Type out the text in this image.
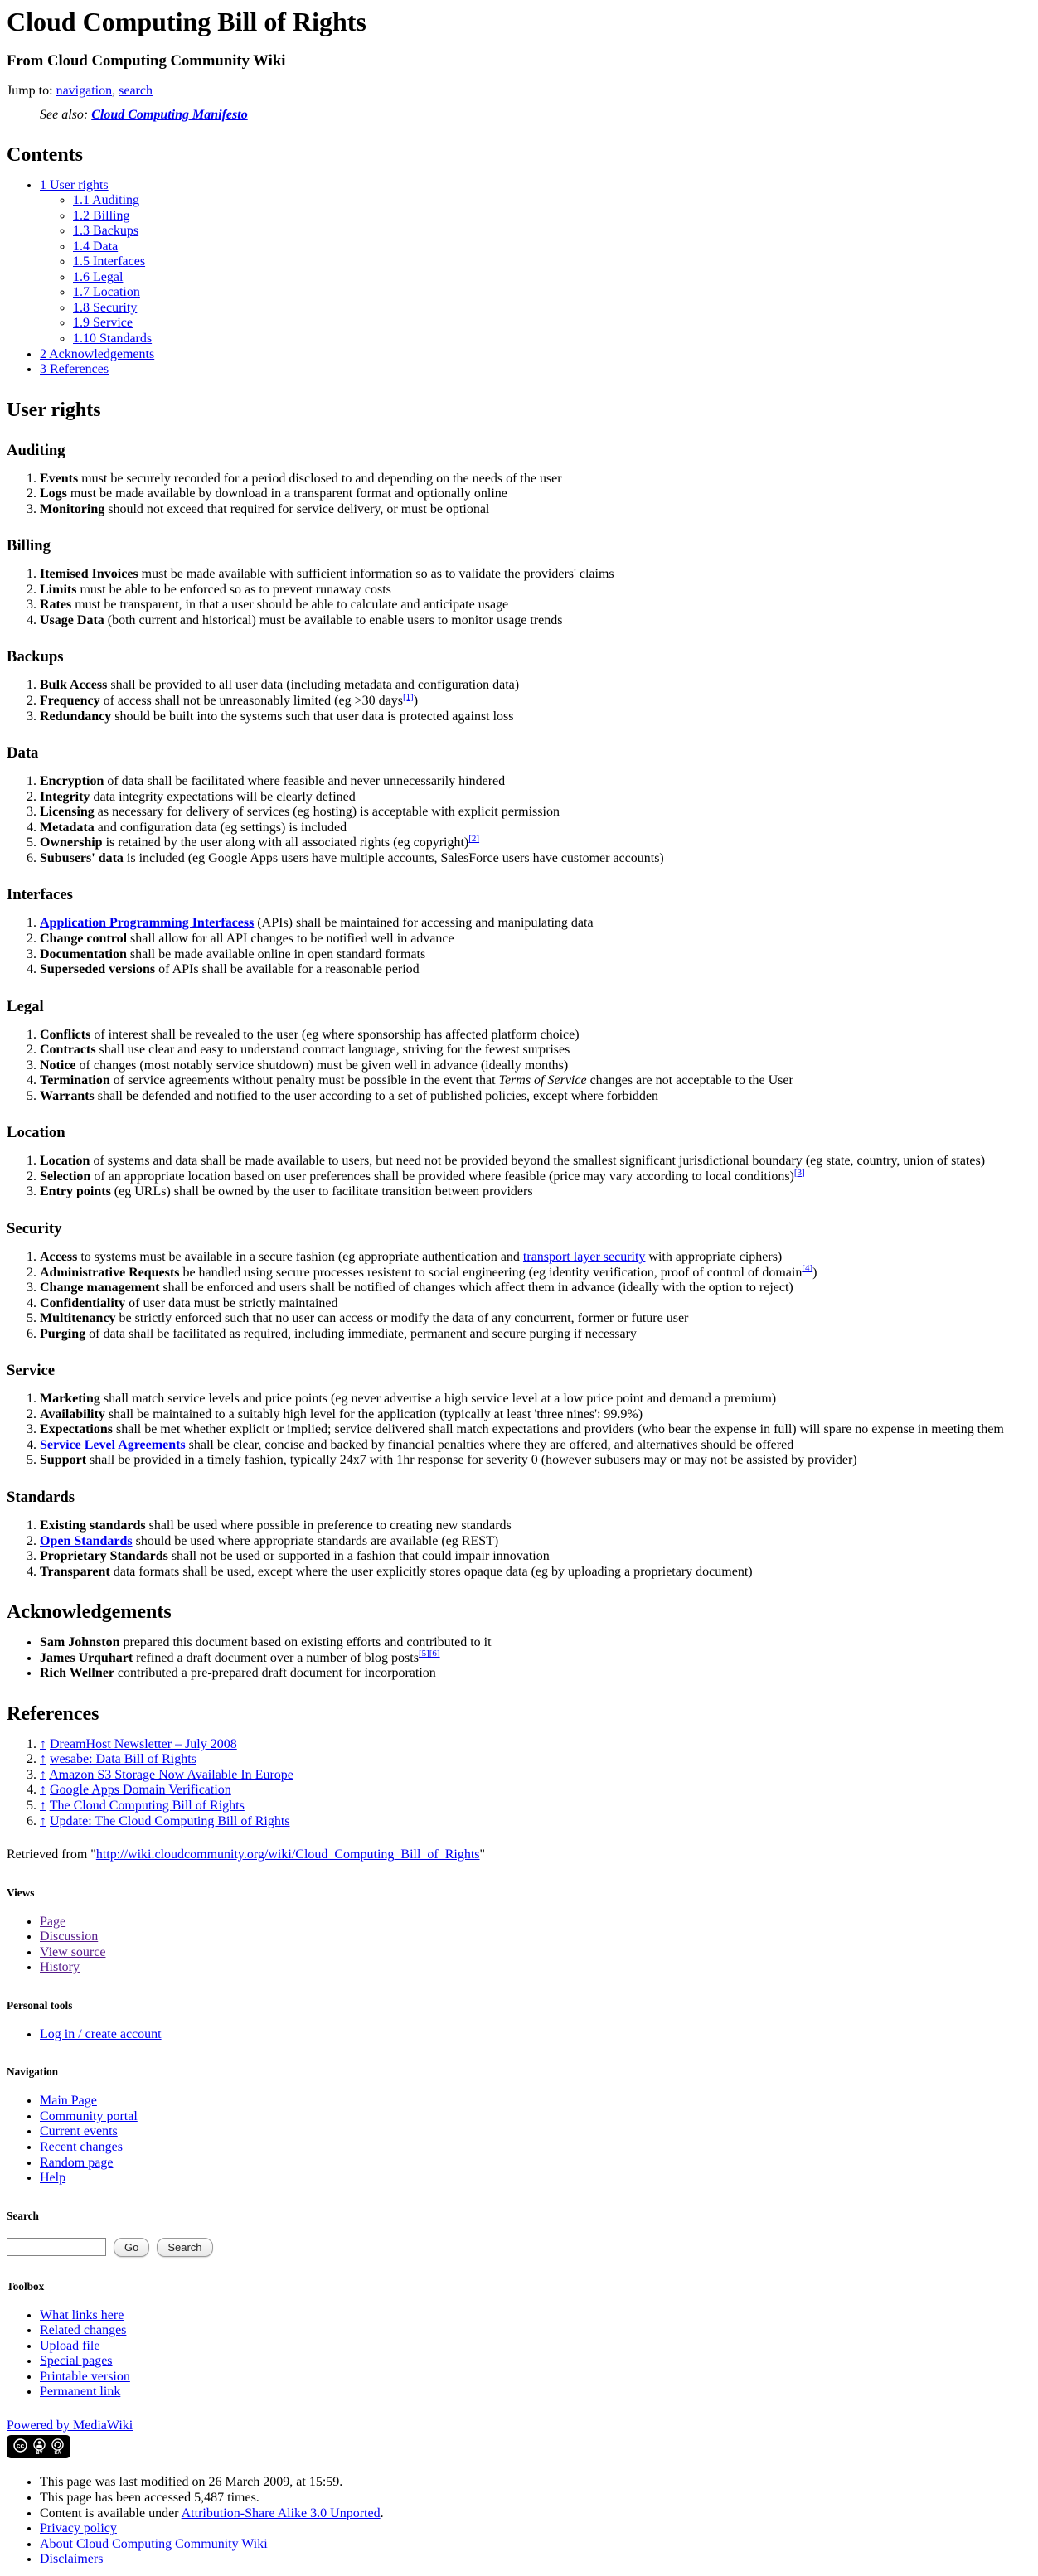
Cloud Computing Bill of Rights
From Cloud Computing Community Wiki

Jump to: navigation, search

See also: Cloud Computing Manifesto
Contents
• 1 User rights
◦ 1.1 Auditing
◦ 1.2 Billing
◦ 1.3 Backups
◦ 1.4 Data
◦ 1.5 Interfaces
◦ 1.6 Legal
◦ 1.7 Location
◦ 1.8 Security
◦ 1.9 Service
◦ 1.10 Standards
• 2 Acknowledgements
• 3 References
User rights
Auditing
1. Events must be securely recorded for a period disclosed to and depending on the needs of the user
2. Logs must be made available by download in a transparent format and optionally online
3. Monitoring should not exceed that required for service delivery, or must be optional
Billing
1. Itemised Invoices must be made available with sufficient information so as to validate the providers' claims
2. Limits must be able to be enforced so as to prevent runaway costs
3. Rates must be transparent, in that a user should be able to calculate and anticipate usage
4. Usage Data (both current and historical) must be available to enable users to monitor usage trends
Backups
1. Bulk Access shall be provided to all user data (including metadata and configuration data)
2. Frequency of access shall not be unreasonably limited (eg >30 days[1])
3. Redundancy should be built into the systems such that user data is protected against loss
Data
1. Encryption of data shall be facilitated where feasible and never unnecessarily hindered
2. Integrity data integrity expectations will be clearly defined
3. Licensing as necessary for delivery of services (eg hosting) is acceptable with explicit permission
4. Metadata and configuration data (eg settings) is included
5. Ownership is retained by the user along with all associated rights (eg copyright)[2]
6. Subusers' data is included (eg Google Apps users have multiple accounts, SalesForce users have customer accounts)
Interfaces
1. Application Programming Interfacess (APIs) shall be maintained for accessing and manipulating data
2. Change control shall allow for all API changes to be notified well in advance
3. Documentation shall be made available online in open standard formats
4. Superseded versions of APIs shall be available for a reasonable period
Legal
1. Conflicts of interest shall be revealed to the user (eg where sponsorship has affected platform choice)
2. Contracts shall use clear and easy to understand contract language, striving for the fewest surprises
3. Notice of changes (most notably service shutdown) must be given well in advance (ideally months)
4. Termination of service agreements without penalty must be possible in the event that Terms of Service changes are not acceptable to the User
5. Warrants shall be defended and notified to the user according to a set of published policies, except where forbidden
Location
1. Location of systems and data shall be made available to users, but need not be provided beyond the smallest significant jurisdictional boundary (eg state, country, union of states)
2. Selection of an appropriate location based on user preferences shall be provided where feasible (price may vary according to local conditions)[3]
3. Entry points (eg URLs) shall be owned by the user to facilitate transition between providers
Security
1. Access to systems must be available in a secure fashion (eg appropriate authentication and transport layer security with appropriate ciphers)
2. Administrative Requests be handled using secure processes resistent to social engineering (eg identity verification, proof of control of domain[4])
3. Change management shall be enforced and users shall be notified of changes which affect them in advance (ideally with the option to reject)
4. Confidentiality of user data must be strictly maintained
5. Multitenancy be strictly enforced such that no user can access or modify the data of any concurrent, former or future user
6. Purging of data shall be facilitated as required, including immediate, permanent and secure purging if necessary
Service
1. Marketing shall match service levels and price points (eg never advertise a high service level at a low price point and demand a premium)
2. Availability shall be maintained to a suitably high level for the application (typically at least 'three nines': 99.9%)
3. Expectations shall be met whether explicit or implied; service delivered shall match expectations and providers (who bear the expense in full) will spare no expense in meeting them
4. Service Level Agreements shall be clear, concise and backed by financial penalties where they are offered, and alternatives should be offered
5. Support shall be provided in a timely fashion, typically 24x7 with 1hr response for severity 0 (however subusers may or may not be assisted by provider)
Standards
1. Existing standards shall be used where possible in preference to creating new standards
2. Open Standards should be used where appropriate standards are available (eg REST)
3. Proprietary Standards shall not be used or supported in a fashion that could impair innovation
4. Transparent data formats shall be used, except where the user explicitly stores opaque data (eg by uploading a proprietary document)
Acknowledgements
• Sam Johnston prepared this document based on existing efforts and contributed to it
• James Urquhart refined a draft document over a number of blog posts[5][6]
• Rich Wellner contributed a pre-prepared draft document for incorporation
References
1. ↑ DreamHost Newsletter – July 2008
2. ↑ wesabe: Data Bill of Rights
3. ↑ Amazon S3 Storage Now Available In Europe
4. ↑ Google Apps Domain Verification
5. ↑ The Cloud Computing Bill of Rights
6. ↑ Update: The Cloud Computing Bill of Rights

Retrieved from "http://wiki.cloudcommunity.org/wiki/Cloud_Computing_Bill_of_Rights"

Views
• Page
• Discussion
• View source
• History
Personal tools
• Log in / create account
Navigation
• Main Page
• Community portal
• Current events
• Recent changes
• Random page
• Help
Search
Go	Search
Toolbox
• What links here
• Related changes
• Upload file
• Special pages
• Printable version
• Permanent link

Powered by MediaWiki

cc
BY SA
• This page was last modified on 26 March 2009, at 15:59.
• This page has been accessed 5,487 times.
• Content is available under Attribution-Share Alike 3.0 Unported.
• Privacy policy
• About Cloud Computing Community Wiki
• Disclaimers
